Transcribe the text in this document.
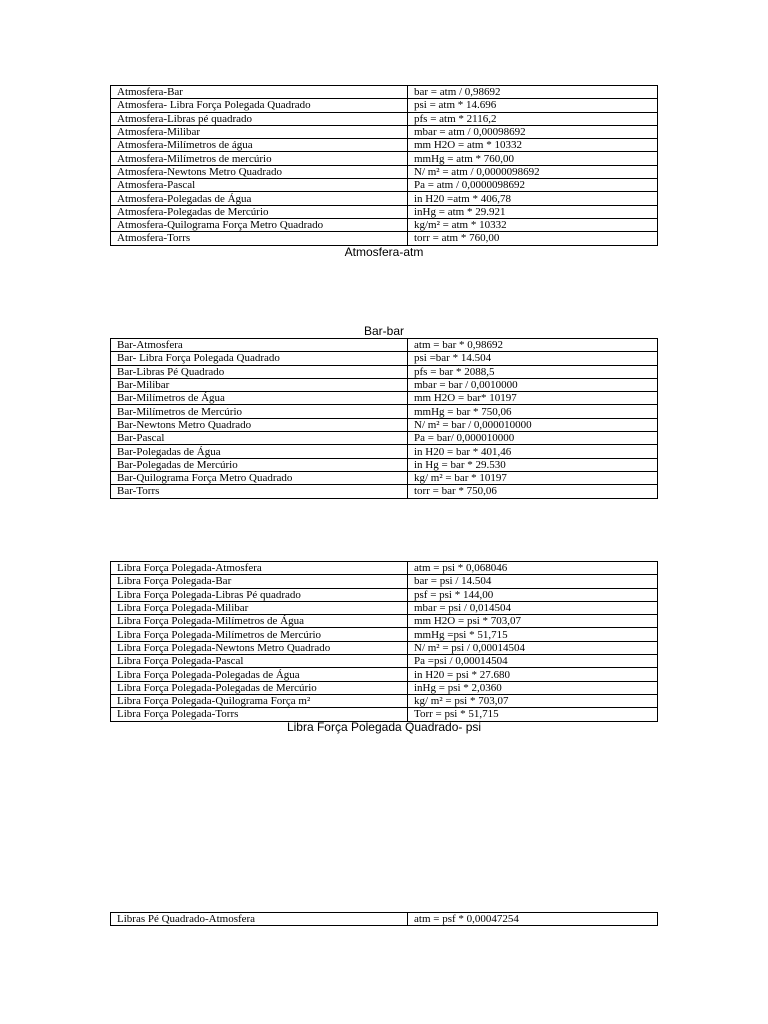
Atmosfera-Bar	bar = atm / 0,98692
Atmosfera- Libra Força Polegada Quadrado	psi = atm * 14.696
Atmosfera-Libras pé quadrado	pfs = atm * 2116,2
Atmosfera-Milibar	mbar = atm / 0,00098692
Atmosfera-Milímetros de água	mm H2O = atm * 10332
Atmosfera-Milímetros de mercúrio	mmHg = atm * 760,00
Atmosfera-Newtons Metro Quadrado	N/ m² = atm / 0,0000098692
Atmosfera-Pascal	Pa = atm / 0,0000098692
Atmosfera-Polegadas de Água	in H20 =atm * 406,78
Atmosfera-Polegadas de Mercúrio	inHg = atm * 29.921
Atmosfera-Quilograma Força Metro Quadrado	kg/m² = atm * 10332
Atmosfera-Torrs	torr = atm * 760,00
Atmosfera-atm
Bar-bar
Bar-Atmosfera	atm = bar * 0,98692
Bar- Libra Força Polegada Quadrado	psi =bar * 14.504
Bar-Libras Pé Quadrado	pfs = bar * 2088,5
Bar-Milibar	mbar = bar / 0,0010000
Bar-Milímetros de Água	mm H2O = bar* 10197
Bar-Milímetros de Mercúrio	mmHg = bar * 750,06
Bar-Newtons Metro Quadrado	N/ m² = bar / 0,000010000
Bar-Pascal	Pa = bar/ 0,000010000
Bar-Polegadas de Água	in H20 = bar * 401,46
Bar-Polegadas de Mercúrio	in Hg = bar * 29.530
Bar-Quilograma Força Metro Quadrado	kg/ m² = bar * 10197
Bar-Torrs	torr = bar * 750,06
Libra Força Polegada-Atmosfera	atm = psi * 0,068046
Libra Força Polegada-Bar	bar = psi / 14.504
Libra Força Polegada-Libras Pé quadrado	psf = psi * 144,00
Libra Força Polegada-Milibar	mbar = psi / 0,014504
Libra Força Polegada-Milímetros de Água	mm H2O = psi * 703,07
Libra Força Polegada-Milímetros de Mercúrio	mmHg =psi * 51,715
Libra Força Polegada-Newtons Metro Quadrado	N/ m² = psi / 0,00014504
Libra Força Polegada-Pascal	Pa =psi / 0,00014504
Libra Força Polegada-Polegadas de Água	in H20 = psi * 27.680
Libra Força Polegada-Polegadas de Mercúrio	inHg = psi * 2,0360
Libra Força Polegada-Quilograma Força m²	kg/ m² = psi * 703,07
Libra Força Polegada-Torrs	Torr = psi * 51,715
Libra Força Polegada Quadrado- psi
Libras Pé Quadrado-Atmosfera	atm = psf * 0,00047254
